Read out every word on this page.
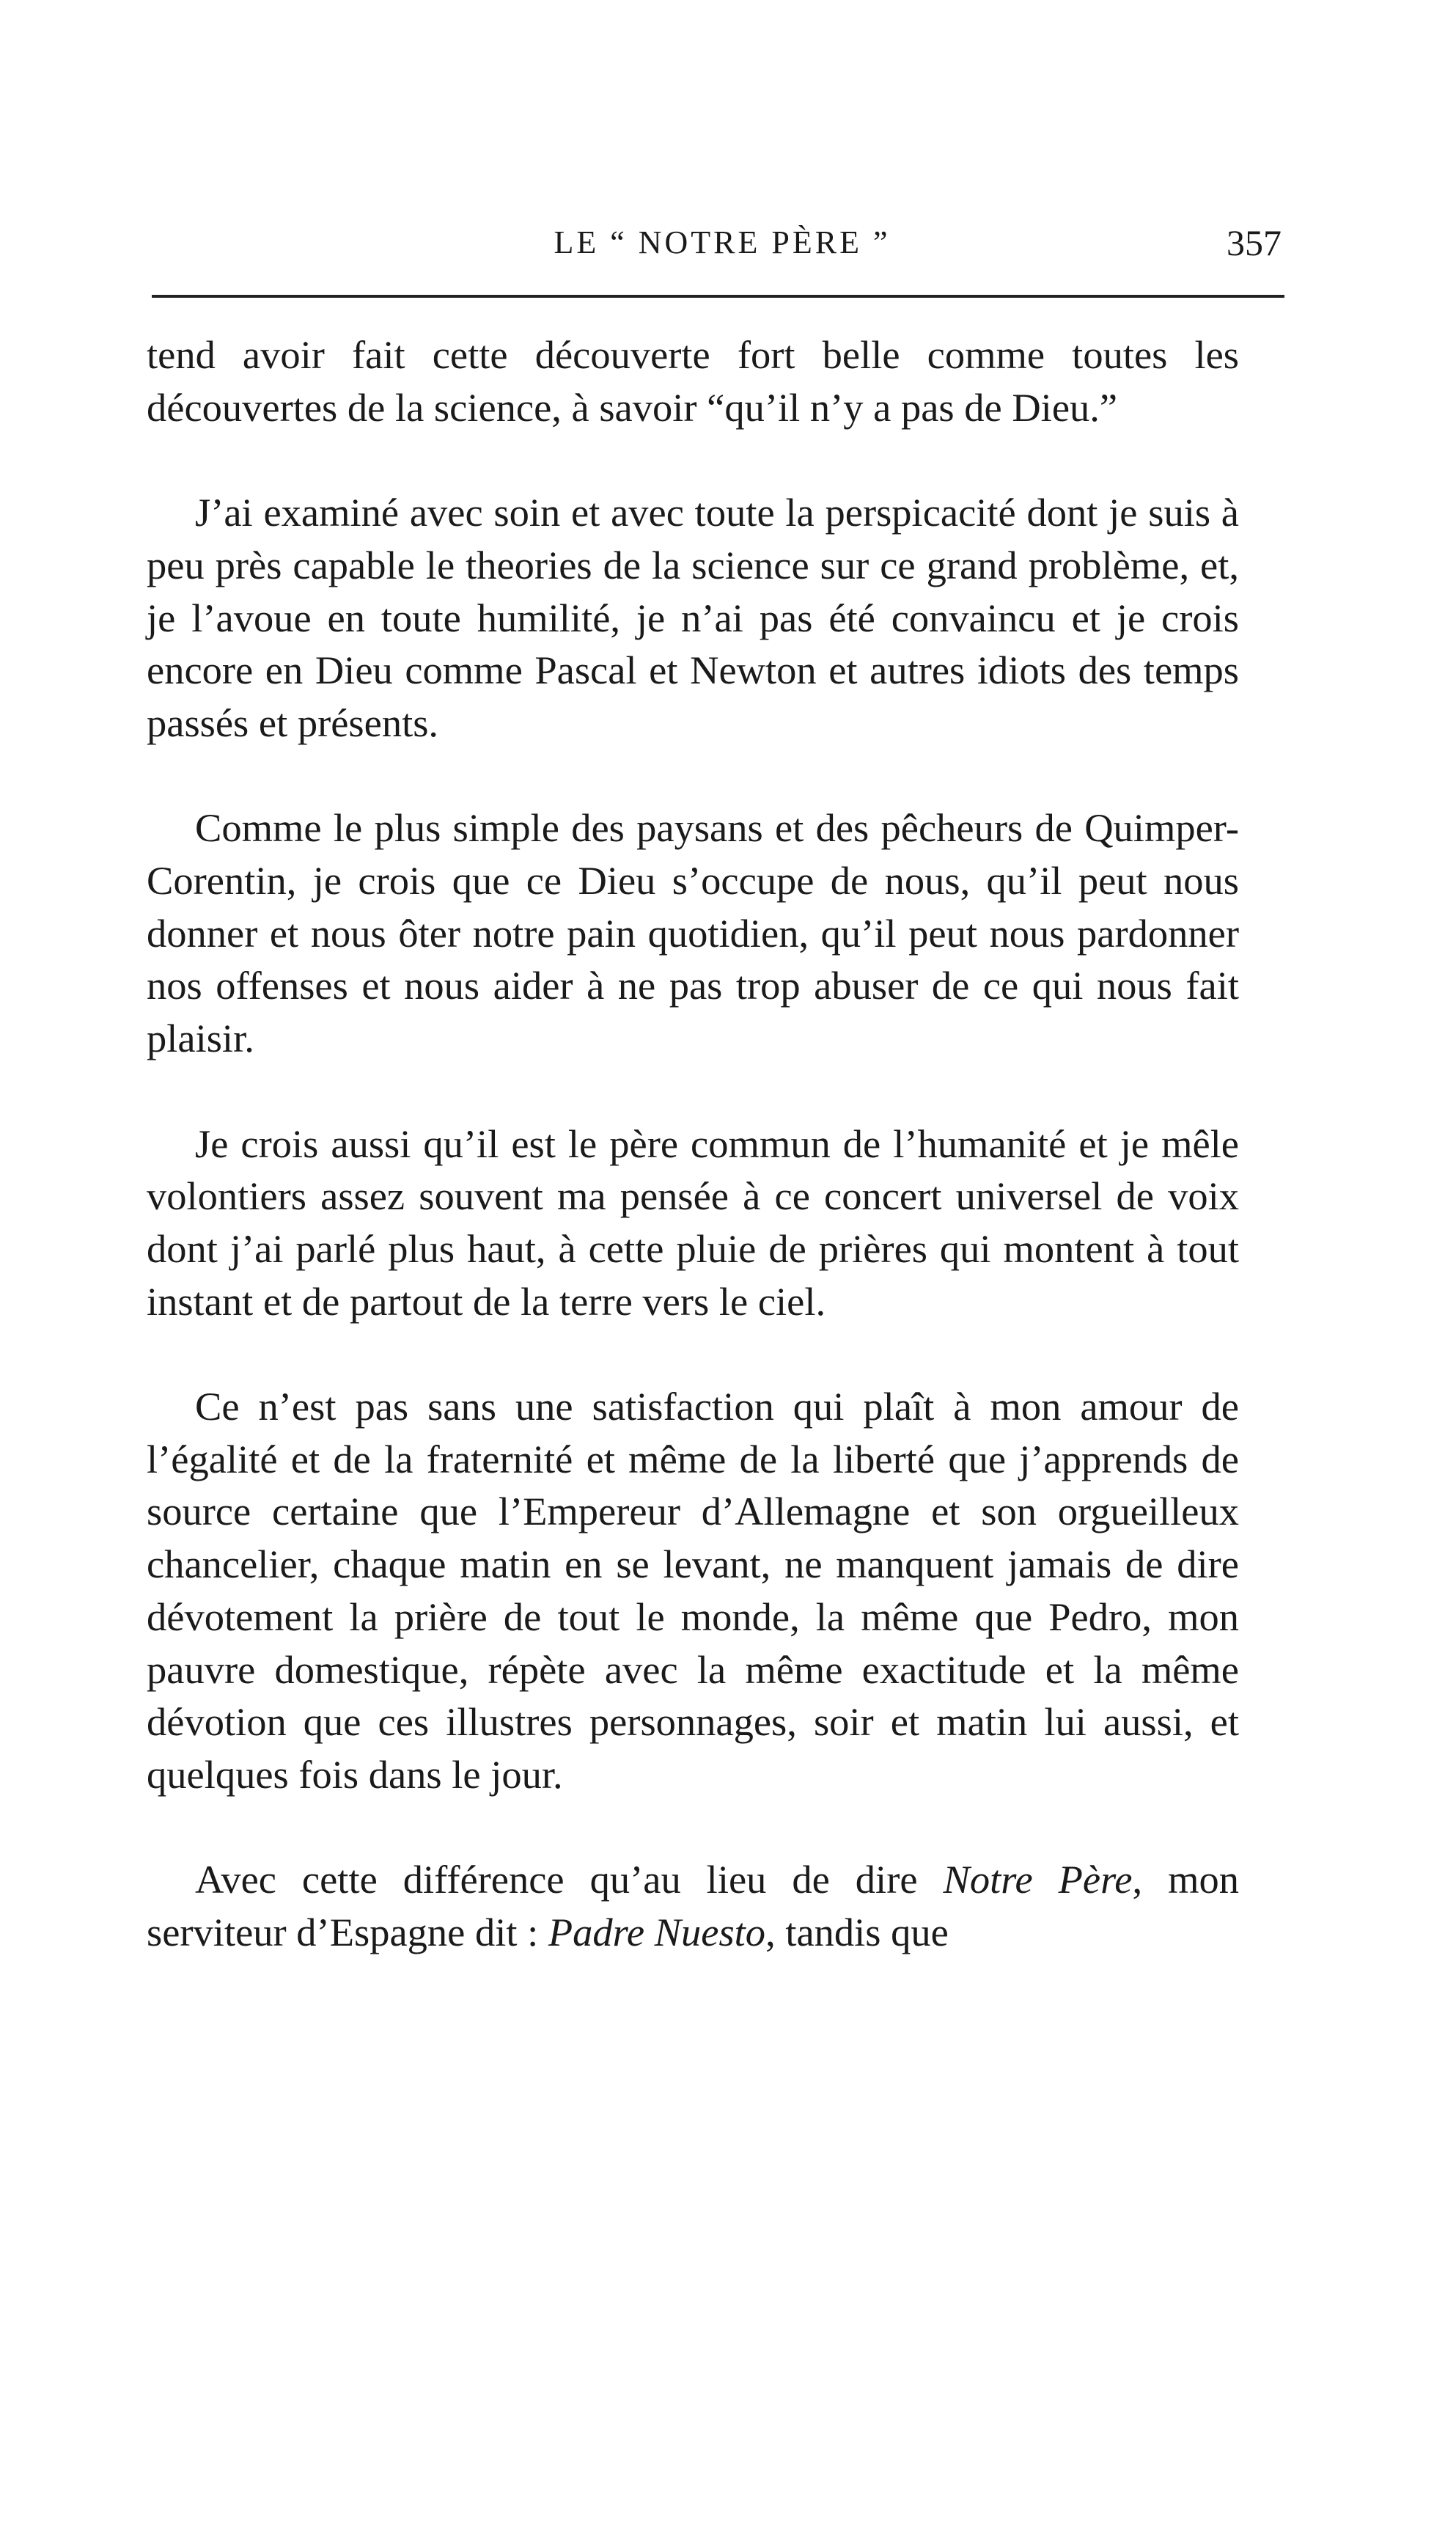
LE “ NOTRE PÈRE ”	357

tend avoir fait cette découverte fort belle comme toutes les découvertes de la science, à savoir “qu’il n’y a pas de Dieu.”

J’ai examiné avec soin et avec toute la perspicacité dont je suis à peu près capable le theories de la science sur ce grand problème, et, je l’avoue en toute humilité, je n’ai pas été convaincu et je crois encore en Dieu comme Pascal et Newton et autres idiots des temps passés et présents.

Comme le plus simple des paysans et des pêcheurs de Quimper-Corentin, je crois que ce Dieu s’occupe de nous, qu’il peut nous donner et nous ôter notre pain quotidien, qu’il peut nous pardonner nos offenses et nous aider à ne pas trop abuser de ce qui nous fait plaisir.

Je crois aussi qu’il est le père commun de l’humanité et je mêle volontiers assez souvent ma pensée à ce concert universel de voix dont j’ai parlé plus haut, à cette pluie de prières qui montent à tout instant et de partout de la terre vers le ciel.

Ce n’est pas sans une satisfaction qui plaît à mon amour de l’égalité et de la fraternité et même de la liberté que j’apprends de source certaine que l’Empereur d’Allemagne et son orgueilleux chancelier, chaque matin en se levant, ne manquent jamais de dire dévotement la prière de tout le monde, la même que Pedro, mon pauvre domestique, répète avec la même exactitude et la même dévotion que ces illustres personnages, soir et matin lui aussi, et quelques fois dans le jour.

Avec cette différence qu’au lieu de dire Notre Père, mon serviteur d’Espagne dit : Padre Nuesto, tandis que
